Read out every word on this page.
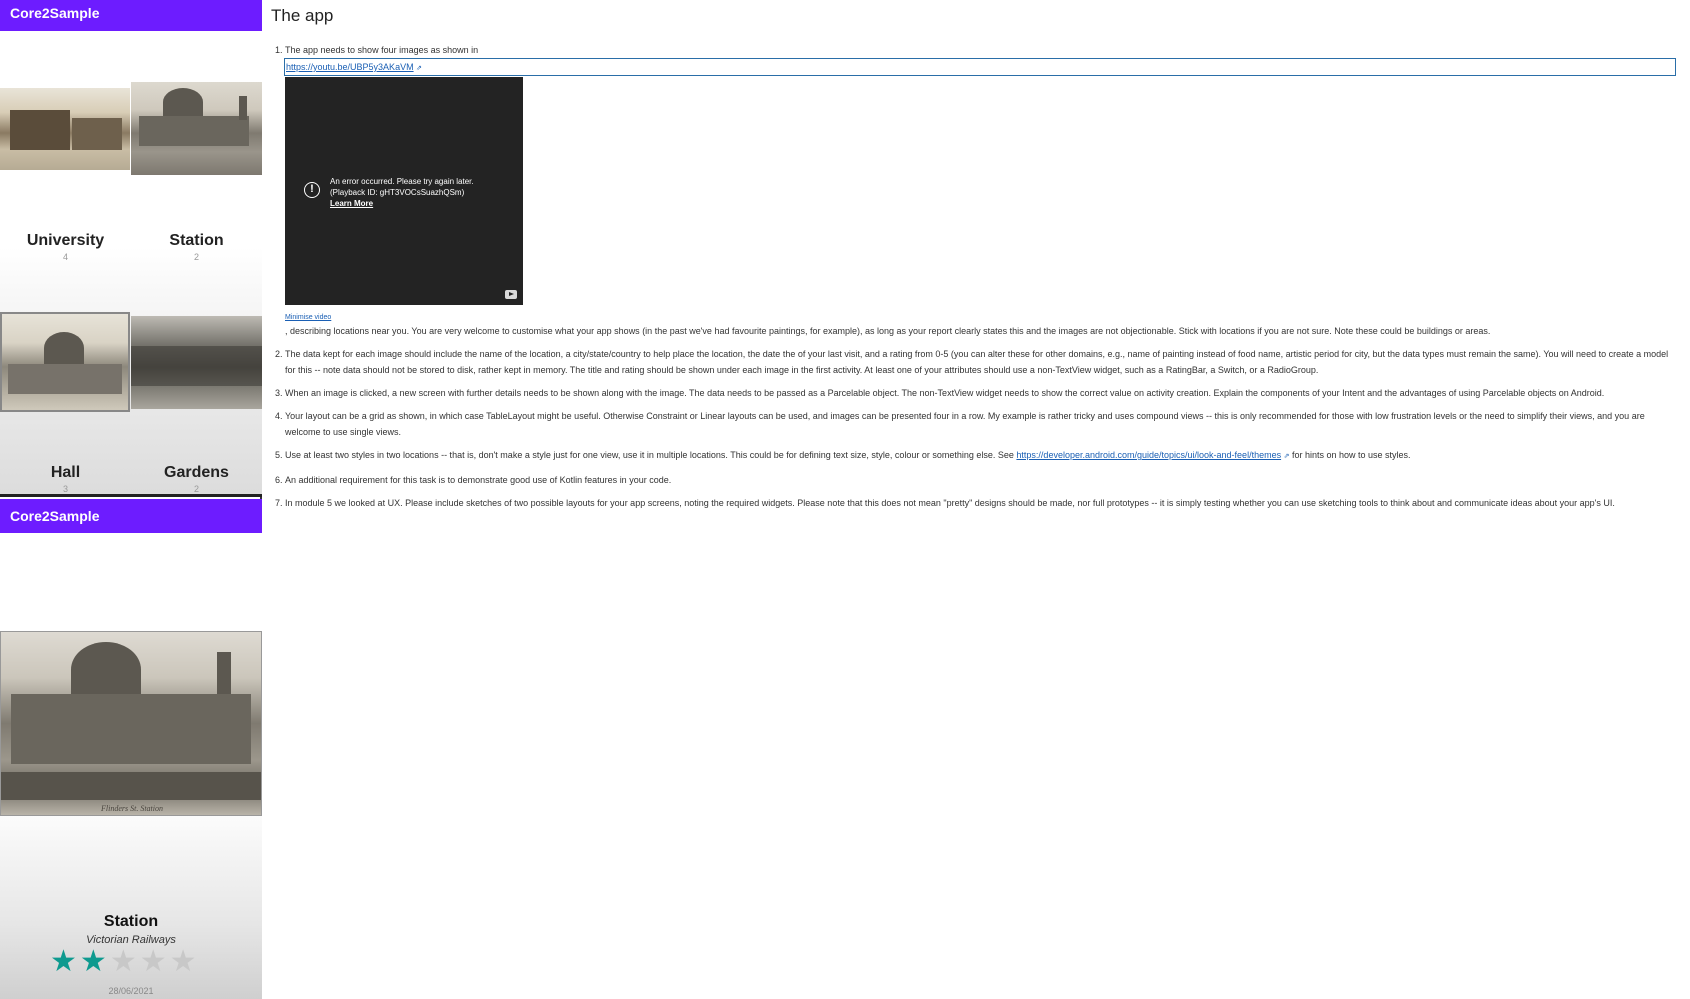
Core2Sample
University
4
Station
2
Hall
3
Gardens
2
Core2Sample
Flinders St. Station
Station
Victorian Railways
★ ★ ★ ★ ★
28/06/2021
The app
1. The app needs to show four images as shown in
https://youtu.be/UBP5y3AKaVM ⇗
!
An error occurred. Please try again later.
(Playback ID: gHT3VOCsSuazhQSm)
Learn More
Minimise video
, describing locations near you. You are very welcome to customise what your app shows (in the past we've had favourite paintings, for example), as long as your report clearly states this and the images are not objectionable. Stick with locations if you are not sure. Note these could be buildings or areas.
2. The data kept for each image should include the name of the location, a city/state/country to help place the location, the date the of your last visit, and a rating from 0-5 (you can alter these for other domains, e.g., name of painting instead of food name, artistic period for city, but the data types must remain the same). You will need to create a model for this -- note data should not be stored to disk, rather kept in memory. The title and rating should be shown under each image in the first activity. At least one of your attributes should use a non-TextView widget, such as a RatingBar, a Switch, or a RadioGroup.
3. When an image is clicked, a new screen with further details needs to be shown along with the image. The data needs to be passed as a Parcelable object. The non-TextView widget needs to show the correct value on activity creation. Explain the components of your Intent and the advantages of using Parcelable objects on Android.
4. Your layout can be a grid as shown, in which case TableLayout might be useful. Otherwise Constraint or Linear layouts can be used, and images can be presented four in a row. My example is rather tricky and uses compound views -- this is only recommended for those with low frustration levels or the need to simplify their views, and you are welcome to use single views.
5. Use at least two styles in two locations -- that is, don't make a style just for one view, use it in multiple locations. This could be for defining text size, style, colour or something else. See https://developer.android.com/guide/topics/ui/look-and-feel/themes ⇗ for hints on how to use styles.
6. An additional requirement for this task is to demonstrate good use of Kotlin features in your code.
7. In module 5 we looked at UX. Please include sketches of two possible layouts for your app screens, noting the required widgets. Please note that this does not mean "pretty" designs should be made, nor full prototypes -- it is simply testing whether you can use sketching tools to think about and communicate ideas about your app's UI.
